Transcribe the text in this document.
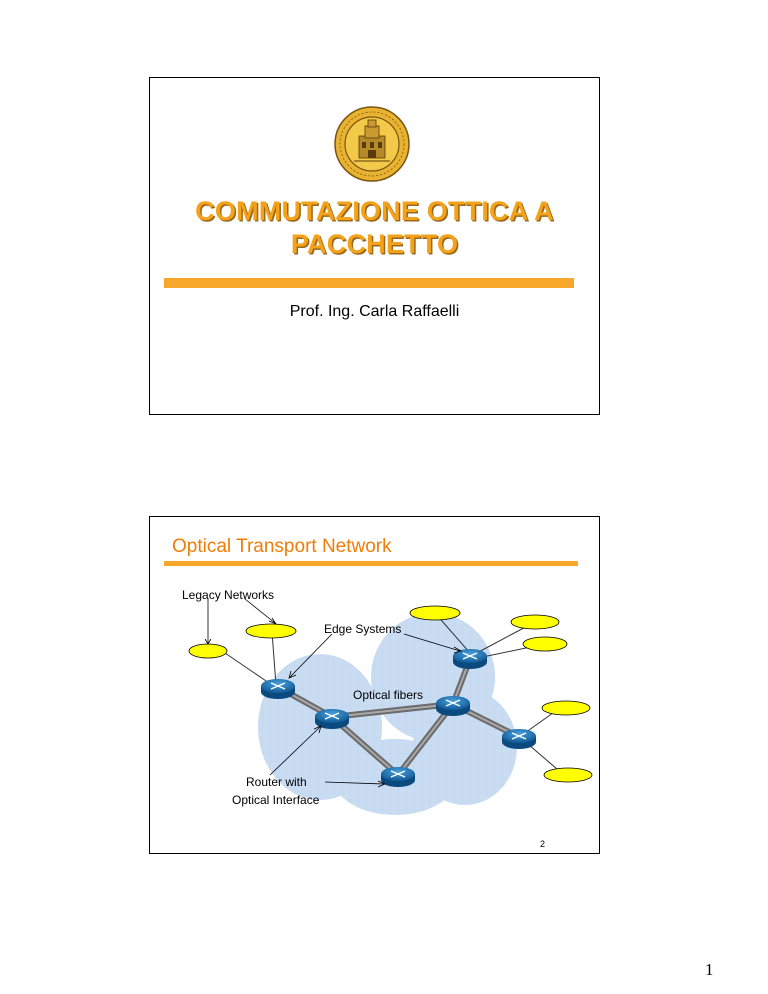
COMMUTAZIONE OTTICA A
PACCHETTO
Prof. Ing. Carla Raffaelli
Optical Transport Network
Legacy Networks
Edge Systems
Optical fibers
Router with
Optical Interface
2
1
